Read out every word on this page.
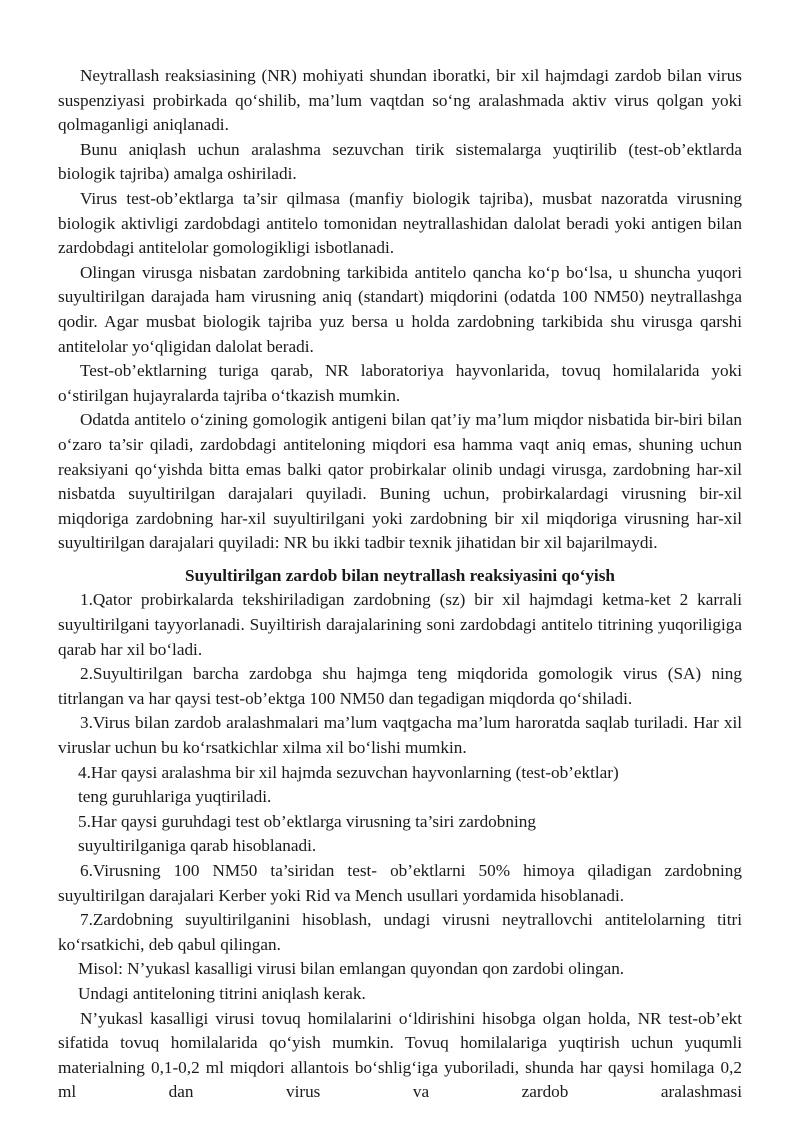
Neytrallash reaksiasining (NR) mohiyati shundan iboratki, bir xil hajmdagi zardob bilan virus suspenziyasi probirkada qo‘shilib, ma’lum vaqtdan so‘ng aralashmada aktiv virus qolgan yoki qolmaganligi aniqlanadi.

Bunu aniqlash uchun aralashma sezuvchan tirik sistemalarga yuqtirilib (test-ob’ektlarda biologik tajriba) amalga oshiriladi.

Virus test-ob’ektlarga ta’sir qilmasa (manfiy biologik tajriba), musbat nazoratda virusning biologik aktivligi zardobdagi antitelo tomonidan neytrallashidan dalolat beradi yoki antigen bilan zardobdagi antitelolar gomologikligi isbotlanadi.

Olingan virusga nisbatan zardobning tarkibida antitelo qancha ko‘p bo‘lsa, u shuncha yuqori suyultirilgan darajada ham virusning aniq (standart) miqdorini (odatda 100 NM50) neytrallashga qodir. Agar musbat biologik tajriba yuz bersa u holda zardobning tarkibida shu virusga qarshi antitelolar yo‘qligidan dalolat beradi.

Test-ob’ektlarning turiga qarab, NR laboratoriya hayvonlarida, tovuq homilalarida yoki o‘stirilgan hujayralarda tajriba o‘tkazish mumkin.

Odatda antitelo o‘zining gomologik antigeni bilan qat’iy ma’lum miqdor nisbatida bir-biri bilan o‘zaro ta’sir qiladi, zardobdagi antiteloning miqdori esa hamma vaqt aniq emas, shuning uchun reaksiyani qo‘yishda bitta emas balki qator probirkalar olinib undagi virusga, zardobning har-xil nisbatda suyultirilgan darajalari quyiladi. Buning uchun, probirkalardagi virusning bir-xil miqdoriga zardobning har-xil suyultirilgani yoki zardobning bir xil miqdoriga virusning har-xil suyultirilgan darajalari quyiladi: NR bu ikki tadbir texnik jihatidan bir xil bajarilmaydi.

Suyultirilgan zardob bilan neytrallash reaksiyasini qo‘yish

1.Qator probirkalarda tekshiriladigan zardobning (sz) bir xil hajmdagi ketma-ket 2 karrali suyultirilgani tayyorlanadi. Suyiltirish darajalarining soni zardobdagi antitelo titrining yuqoriligiga qarab har xil bo‘ladi.

2.Suyultirilgan barcha zardobga shu hajmga teng miqdorida gomologik virus (SA) ning titrlangan va har qaysi test-ob’ektga 100 NM50 dan tegadigan miqdorda qo‘shiladi.

3.Virus bilan zardob aralashmalari ma’lum vaqtgacha ma’lum haroratda saqlab turiladi. Har xil viruslar uchun bu ko‘rsatkichlar xilma xil bo‘lishi mumkin.

4.Har qaysi aralashma bir xil hajmda sezuvchan hayvonlarning (test-ob’ektlar)

teng guruhlariga yuqtiriladi.

5.Har qaysi guruhdagi test ob’ektlarga virusning ta’siri zardobning

suyultirilganiga qarab hisoblanadi.

6.Virusning 100 NM50 ta’siridan test- ob’ektlarni 50% himoya qiladigan zardobning suyultirilgan darajalari Kerber yoki Rid va Mench usullari yordamida hisoblanadi.

7.Zardobning suyultirilganini hisoblash, undagi virusni neytrallovchi antitelolarning titri ko‘rsatkichi, deb qabul qilingan.

Misol: N’yukasl kasalligi virusi bilan emlangan quyondan qon zardobi olingan.

Undagi antiteloning titrini aniqlash kerak.

N’yukasl kasalligi virusi tovuq homilalarini o‘ldirishini hisobga olgan holda, NR test-ob’ekt sifatida tovuq homilalarida qo‘yish mumkin. Tovuq homilalariga yuqtirish uchun yuqumli materialning 0,1-0,2 ml miqdori allantois bo‘shlig‘iga yuboriladi, shunda har qaysi homilaga 0,2 ml dan virus va zardob aralashmasi
